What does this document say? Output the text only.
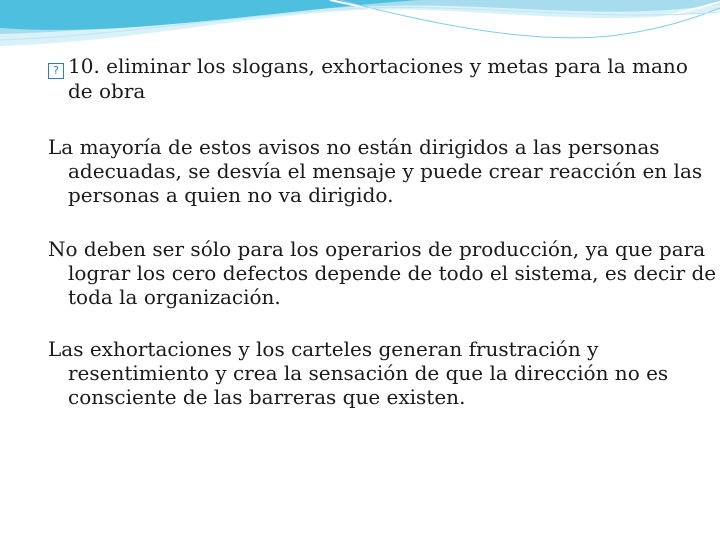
? 10. eliminar los slogans, exhortaciones y metas para la mano de obra

La mayoría de estos avisos no están dirigidos a las personas adecuadas, se desvía el mensaje y puede crear reacción en las personas a quien no va dirigido.

No deben ser sólo para los operarios de producción, ya que para lograr los cero defectos depende de todo el sistema, es decir de toda la organización.

Las exhortaciones y los carteles generan frustración y resentimiento y crea la sensación de que la dirección no es consciente de las barreras que existen.
